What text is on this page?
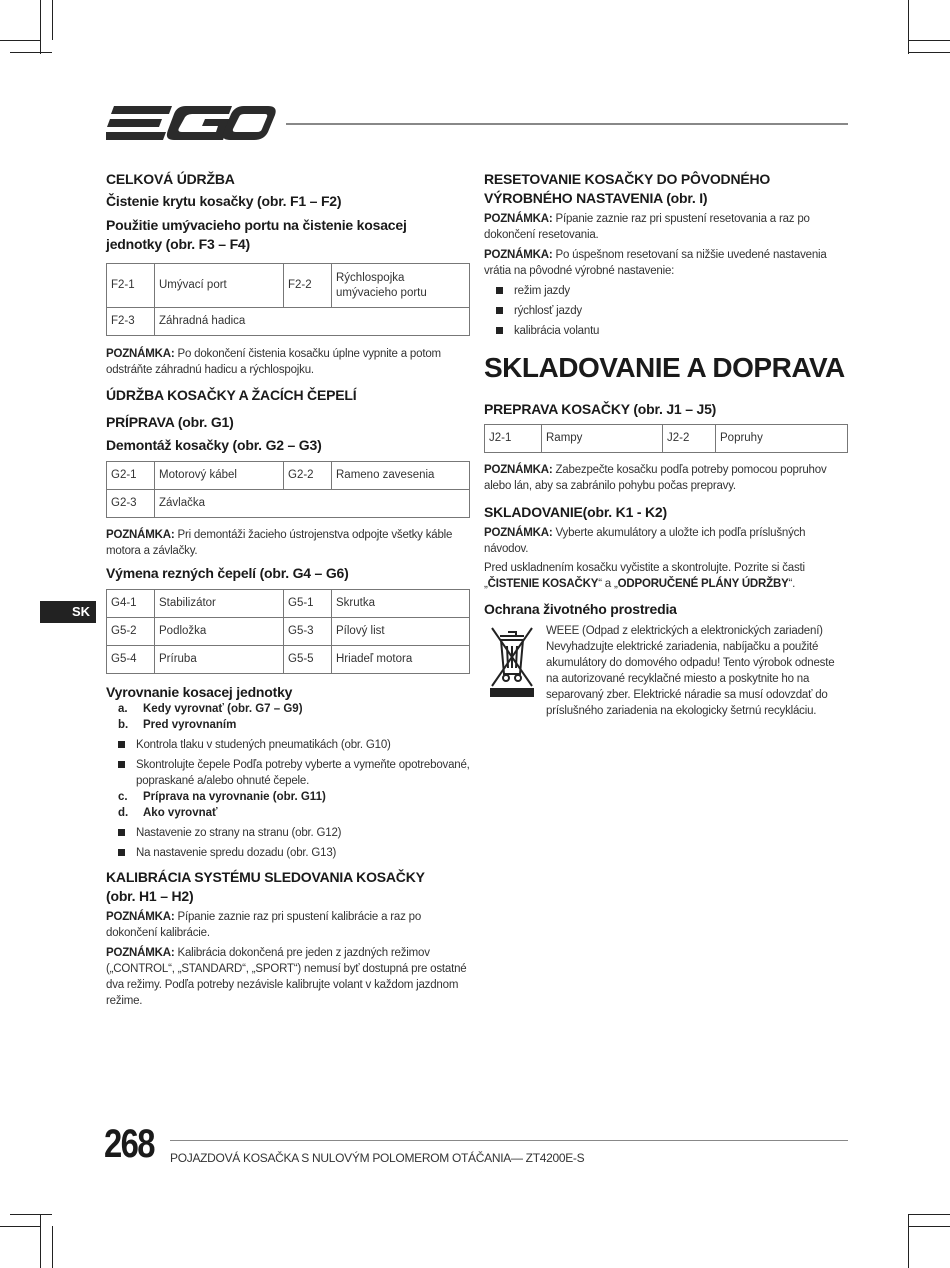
SK
CELKOVÁ ÚDRŽBA
Čistenie krytu kosačky (obr. F1 – F2)
Použitie umývacieho portu na čistenie kosacej jednotky (obr. F3 – F4)
F2-1	Umývací port	F2-2	Rýchlospojka umývacieho portu
F2-3	Záhradná hadica		
POZNÁMKA: Po dokončení čistenia kosačku úplne vypnite a potom odstráňte záhradnú hadicu a rýchlospojku.
ÚDRŽBA KOSAČKY A ŽACÍCH ČEPELÍ
PRÍPRAVA (obr. G1)
Demontáž kosačky (obr. G2 – G3)
G2-1	Motorový kábel	G2-2	Rameno zavesenia
G2-3	Závlačka		
POZNÁMKA: Pri demontáži žacieho ústrojenstva odpojte všetky káble motora a závlačky.
Výmena rezných čepelí (obr. G4 – G6)
G4-1	Stabilizátor	G5-1	Skrutka
G5-2	Podložka	G5-3	Pílový list
G5-4	Príruba	G5-5	Hriadeľ motora
Vyrovnanie kosacej jednotky
a. Kedy vyrovnať (obr. G7 – G9)
b. Pred vyrovnaním
Kontrola tlaku v studených pneumatikách (obr. G10)
Skontrolujte čepele Podľa potreby vyberte a vymeňte opotrebované, popraskané a/alebo ohnuté čepele.
c. Príprava na vyrovnanie (obr. G11)
d. Ako vyrovnať
Nastavenie zo strany na stranu (obr. G12)
Na nastavenie spredu dozadu (obr. G13)
KALIBRÁCIA SYSTÉMU SLEDOVANIA KOSAČKY (obr. H1 – H2)
POZNÁMKA: Pípanie zaznie raz pri spustení kalibrácie a raz po dokončení kalibrácie.
POZNÁMKA: Kalibrácia dokončená pre jeden z jazdných režimov („CONTROL“, „STANDARD“, „SPORT“) nemusí byť dostupná pre ostatné dva režimy. Podľa potreby nezávisle kalibrujte volant v každom jazdnom režime.
RESETOVANIE KOSAČKY DO PÔVODNÉHO VÝROBNÉHO NASTAVENIA (obr. I)
POZNÁMKA: Pípanie zaznie raz pri spustení resetovania a raz po dokončení resetovania.
POZNÁMKA: Po úspešnom resetovaní sa nižšie uvedené nastavenia vrátia na pôvodné výrobné nastavenie:
režim jazdy
rýchlosť jazdy
kalibrácia volantu
SKLADOVANIE A DOPRAVA
PREPRAVA KOSAČKY (obr. J1 – J5)
J2-1	Rampy	J2-2	Popruhy
POZNÁMKA: Zabezpečte kosačku podľa potreby pomocou popruhov alebo lán, aby sa zabránilo pohybu počas prepravy.
SKLADOVANIE(obr. K1 - K2)
POZNÁMKA: Vyberte akumulátory a uložte ich podľa príslušných návodov.
Pred uskladnením kosačku vyčistite a skontrolujte. Pozrite si časti „ČISTENIE KOSAČKY“ a „ODPORUČENÉ PLÁNY ÚDRŽBY“.
Ochrana životného prostredia
WEEE (Odpad z elektrických a elektronických zariadení) Nevyhadzujte elektrické zariadenia, nabíjačku a použité akumulátory do domového odpadu! Tento výrobok odneste na autorizované recyklačné miesto a poskytnite ho na separovaný zber. Elektrické náradie sa musí odovzdať do príslušného zariadenia na ekologicky šetrnú recykláciu.
268 POJAZDOVÁ KOSAČKA S NULOVÝM POLOMEROM OTÁČANIA— ZT4200E-S
